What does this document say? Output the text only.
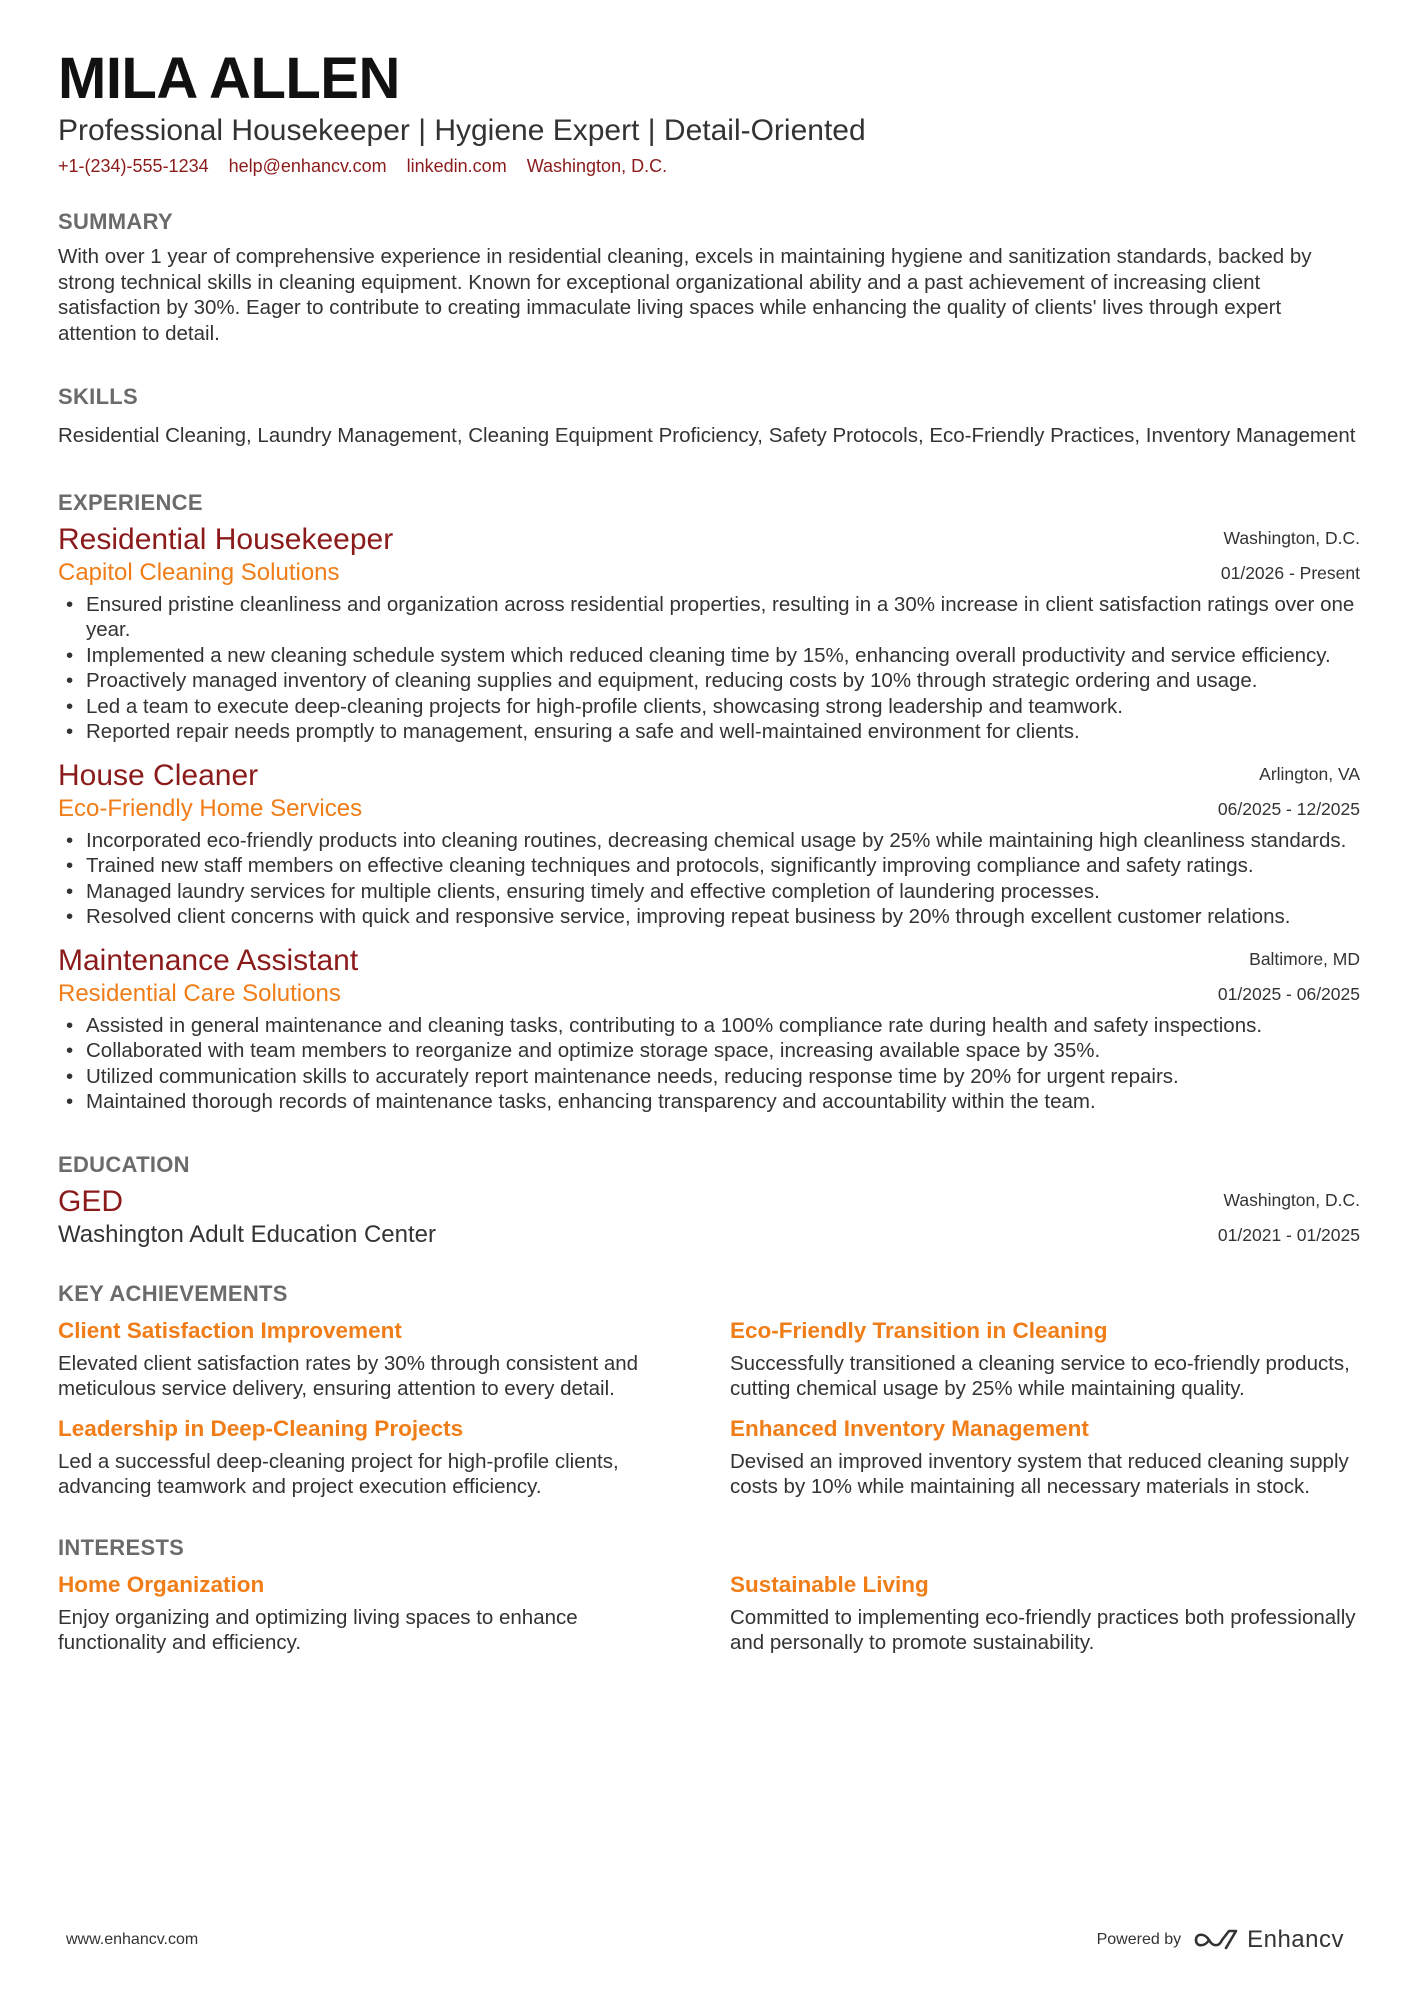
MILA ALLEN
Professional Housekeeper | Hygiene Expert | Detail-Oriented
+1-(234)-555-1234 help@enhancv.com linkedin.com Washington, D.C.
SUMMARY
With over 1 year of comprehensive experience in residential cleaning, excels in maintaining hygiene and sanitization standards, backed by strong technical skills in cleaning equipment. Known for exceptional organizational ability and a past achievement of increasing client satisfaction by 30%. Eager to contribute to creating immaculate living spaces while enhancing the quality of clients' lives through expert attention to detail.
SKILLS
Residential Cleaning, Laundry Management, Cleaning Equipment Proficiency, Safety Protocols, Eco-Friendly Practices, Inventory Management
EXPERIENCE
Residential Housekeeper
Capitol Cleaning Solutions
Washington, D.C.
01/2026 - Present
• Ensured pristine cleanliness and organization across residential properties, resulting in a 30% increase in client satisfaction ratings over one year.
• Implemented a new cleaning schedule system which reduced cleaning time by 15%, enhancing overall productivity and service efficiency.
• Proactively managed inventory of cleaning supplies and equipment, reducing costs by 10% through strategic ordering and usage.
• Led a team to execute deep-cleaning projects for high-profile clients, showcasing strong leadership and teamwork.
• Reported repair needs promptly to management, ensuring a safe and well-maintained environment for clients.
House Cleaner
Eco-Friendly Home Services
Arlington, VA
06/2025 - 12/2025
• Incorporated eco-friendly products into cleaning routines, decreasing chemical usage by 25% while maintaining high cleanliness standards.
• Trained new staff members on effective cleaning techniques and protocols, significantly improving compliance and safety ratings.
• Managed laundry services for multiple clients, ensuring timely and effective completion of laundering processes.
• Resolved client concerns with quick and responsive service, improving repeat business by 20% through excellent customer relations.
Maintenance Assistant
Residential Care Solutions
Baltimore, MD
01/2025 - 06/2025
• Assisted in general maintenance and cleaning tasks, contributing to a 100% compliance rate during health and safety inspections.
• Collaborated with team members to reorganize and optimize storage space, increasing available space by 35%.
• Utilized communication skills to accurately report maintenance needs, reducing response time by 20% for urgent repairs.
• Maintained thorough records of maintenance tasks, enhancing transparency and accountability within the team.
EDUCATION
GED
Washington Adult Education Center
Washington, D.C.
01/2021 - 01/2025
KEY ACHIEVEMENTS
Client Satisfaction Improvement
Elevated client satisfaction rates by 30% through consistent and meticulous service delivery, ensuring attention to every detail.
Eco-Friendly Transition in Cleaning
Successfully transitioned a cleaning service to eco-friendly products, cutting chemical usage by 25% while maintaining quality.
Leadership in Deep-Cleaning Projects
Led a successful deep-cleaning project for high-profile clients, advancing teamwork and project execution efficiency.
Enhanced Inventory Management
Devised an improved inventory system that reduced cleaning supply costs by 10% while maintaining all necessary materials in stock.
INTERESTS
Home Organization
Enjoy organizing and optimizing living spaces to enhance functionality and efficiency.
Sustainable Living
Committed to implementing eco-friendly practices both professionally and personally to promote sustainability.
www.enhancv.com	Powered by	Enhancv
